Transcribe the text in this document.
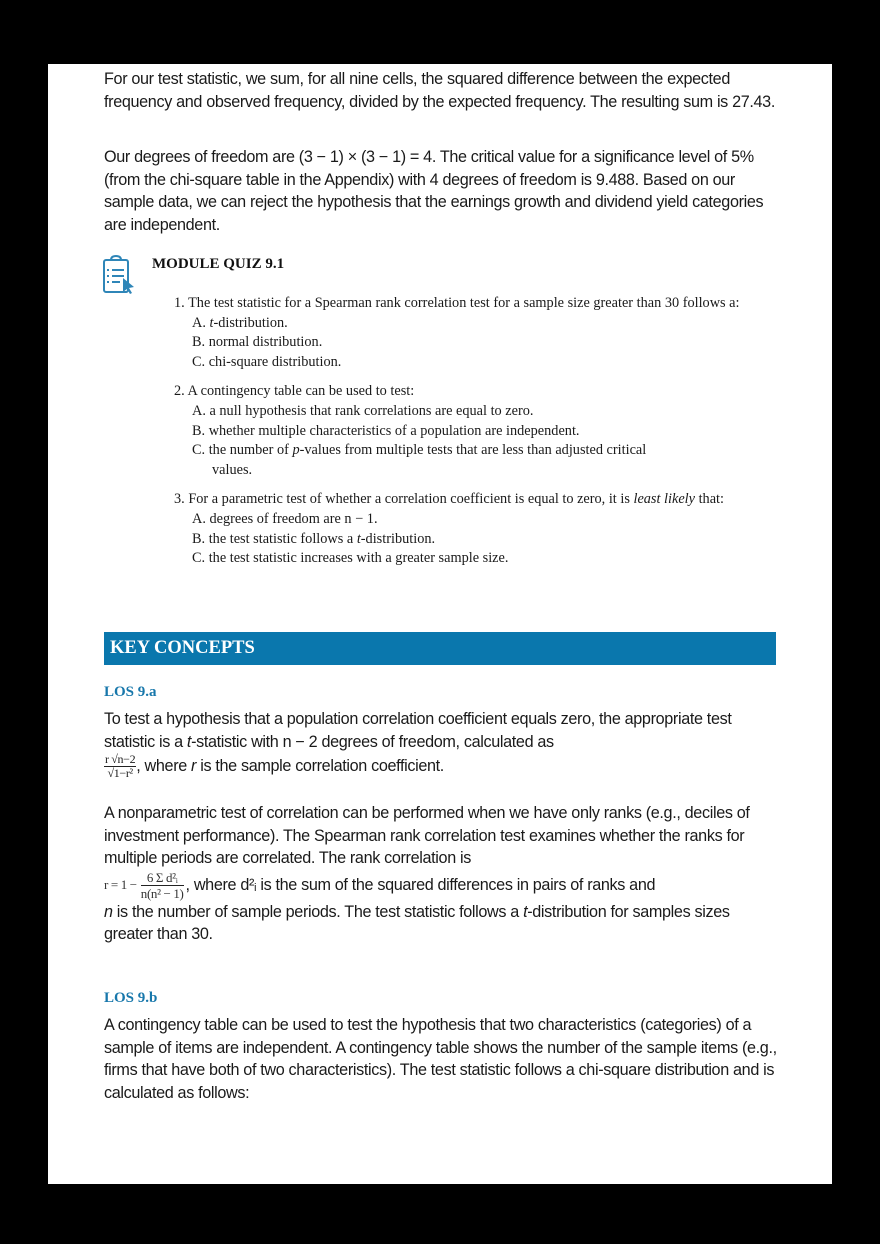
For our test statistic, we sum, for all nine cells, the squared difference between the expected frequency and observed frequency, divided by the expected frequency. The resulting sum is 27.43.

Our degrees of freedom are (3 − 1) × (3 − 1) = 4. The critical value for a significance level of 5% (from the chi-square table in the Appendix) with 4 degrees of freedom is 9.488. Based on our sample data, we can reject the hypothesis that the earnings growth and dividend yield categories are independent.

MODULE QUIZ 9.1
1. The test statistic for a Spearman rank correlation test for a sample size greater than 30 follows a:
A. t-distribution.
B. normal distribution.
C. chi-square distribution.
2. A contingency table can be used to test:
A. a null hypothesis that rank correlations are equal to zero.
B. whether multiple characteristics of a population are independent.
C. the number of p-values from multiple tests that are less than adjusted critical
values.
3. For a parametric test of whether a correlation coefficient is equal to zero, it is least likely that:
A. degrees of freedom are n − 1.
B. the test statistic follows a t-distribution.
C. the test statistic increases with a greater sample size.
KEY CONCEPTS
LOS 9.a

To test a hypothesis that a population correlation coefficient equals zero, the appropriate test statistic is a t-statistic with n − 2 degrees of freedom, calculated as

$\frac{r √n-2}{\text{√1−r²}}$ , where r is the sample correlation coefficient.

A nonparametric test of correlation can be performed when we have only ranks (e.g., deciles of investment performance). The Spearman rank correlation test examines whether the ranks for multiple periods are correlated. The rank correlation is
$r = 1 - \frac{\text{6 Σ d²ᵢ}}{\text{n(n² − 1)}}$ , where d²ᵢ is the sum of the squared differences in pairs of ranks and
n is the number of sample periods. The test statistic follows a t-distribution for samples sizes greater than 30.
LOS 9.b

A contingency table can be used to test the hypothesis that two characteristics (categories) of a sample of items are independent. A contingency table shows the number of the sample items (e.g., firms that have both of two characteristics). The test statistic follows a chi-square distribution and is calculated as follows:
